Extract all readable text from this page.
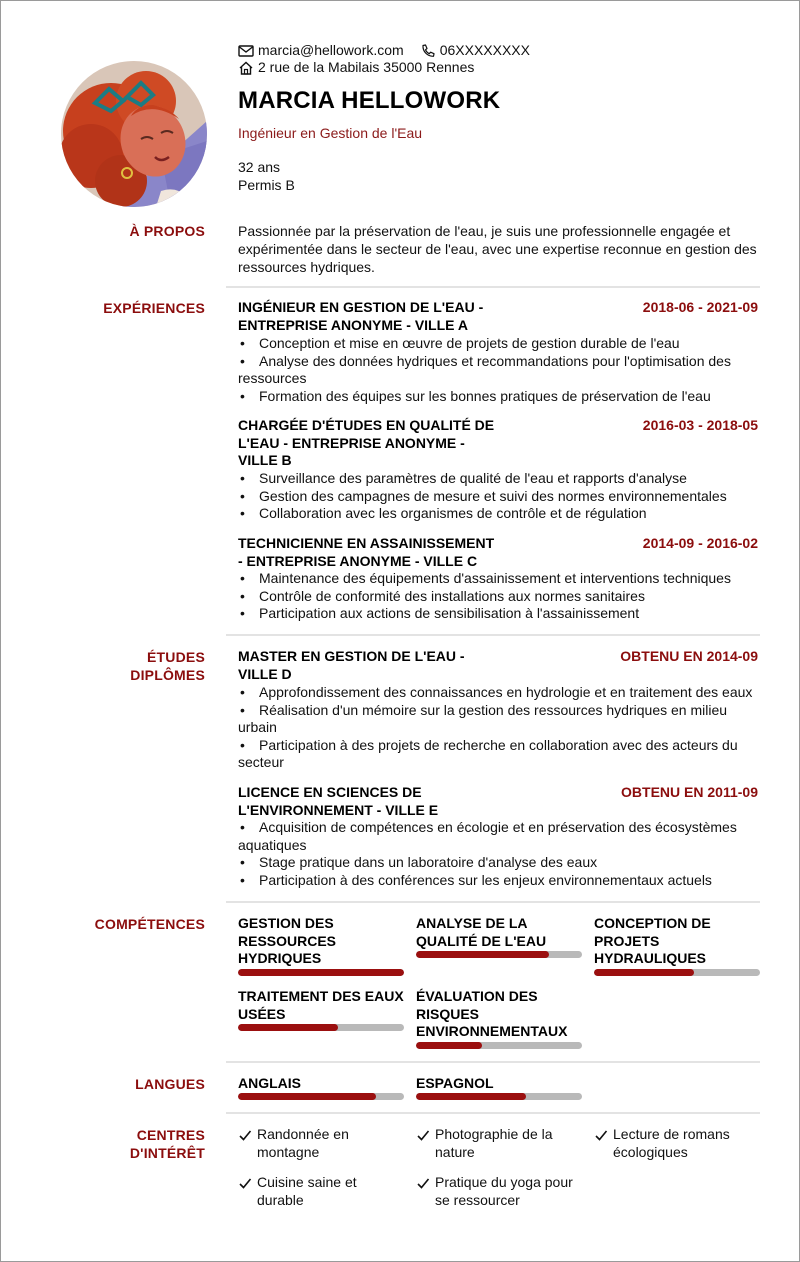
marcia@hellowork.com	06XXXXXXXX
2 rue de la Mabilais 35000 Rennes
MARCIA HELLOWORK
Ingénieur en Gestion de l'Eau
32 ans
Permis B
À PROPOS Passionnée par la préservation de l'eau, je suis une professionnelle engagée et expérimentée dans le secteur de l'eau, avec une expertise reconnue en gestion des ressources hydriques.
EXPÉRIENCES INGÉNIEUR EN GESTION DE L'EAU -
ENTREPRISE ANONYME - VILLE A
2018-06 - 2021-09
• Conception et mise en œuvre de projets de gestion durable de l'eau
• Analyse des données hydriques et recommandations pour l'optimisation des ressources
• Formation des équipes sur les bonnes pratiques de préservation de l'eau
CHARGÉE D'ÉTUDES EN QUALITÉ DE
L'EAU - ENTREPRISE ANONYME -
VILLE B
2016-03 - 2018-05
• Surveillance des paramètres de qualité de l'eau et rapports d'analyse
• Gestion des campagnes de mesure et suivi des normes environnementales
• Collaboration avec les organismes de contrôle et de régulation
TECHNICIENNE EN ASSAINISSEMENT
- ENTREPRISE ANONYME - VILLE C
2014-09 - 2016-02
• Maintenance des équipements d'assainissement et interventions techniques
• Contrôle de conformité des installations aux normes sanitaires
• Participation aux actions de sensibilisation à l'assainissement
ÉTUDES
DIPLÔMES
MASTER EN GESTION DE L'EAU -
VILLE D
OBTENU EN 2014-09
• Approfondissement des connaissances en hydrologie et en traitement des eaux
• Réalisation d'un mémoire sur la gestion des ressources hydriques en milieu urbain
• Participation à des projets de recherche en collaboration avec des acteurs du secteur
LICENCE EN SCIENCES DE
L'ENVIRONNEMENT - VILLE E
OBTENU EN 2011-09
• Acquisition de compétences en écologie et en préservation des écosystèmes aquatiques
• Stage pratique dans un laboratoire d'analyse des eaux
• Participation à des conférences sur les enjeux environnementaux actuels
COMPÉTENCES GESTION DES
RESSOURCES
HYDRIQUES
ANALYSE DE LA
QUALITÉ DE L'EAU
CONCEPTION DE
PROJETS
HYDRAULIQUES
TRAITEMENT DES EAUX
USÉES
ÉVALUATION DES
RISQUES
ENVIRONNEMENTAUX
LANGUES ANGLAIS	ESPAGNOL
CENTRES
D'INTÉRÊT
Randonnée en
montagne
Photographie de la
nature
Lecture de romans
écologiques
Cuisine saine et
durable
Pratique du yoga pour
se ressourcer
